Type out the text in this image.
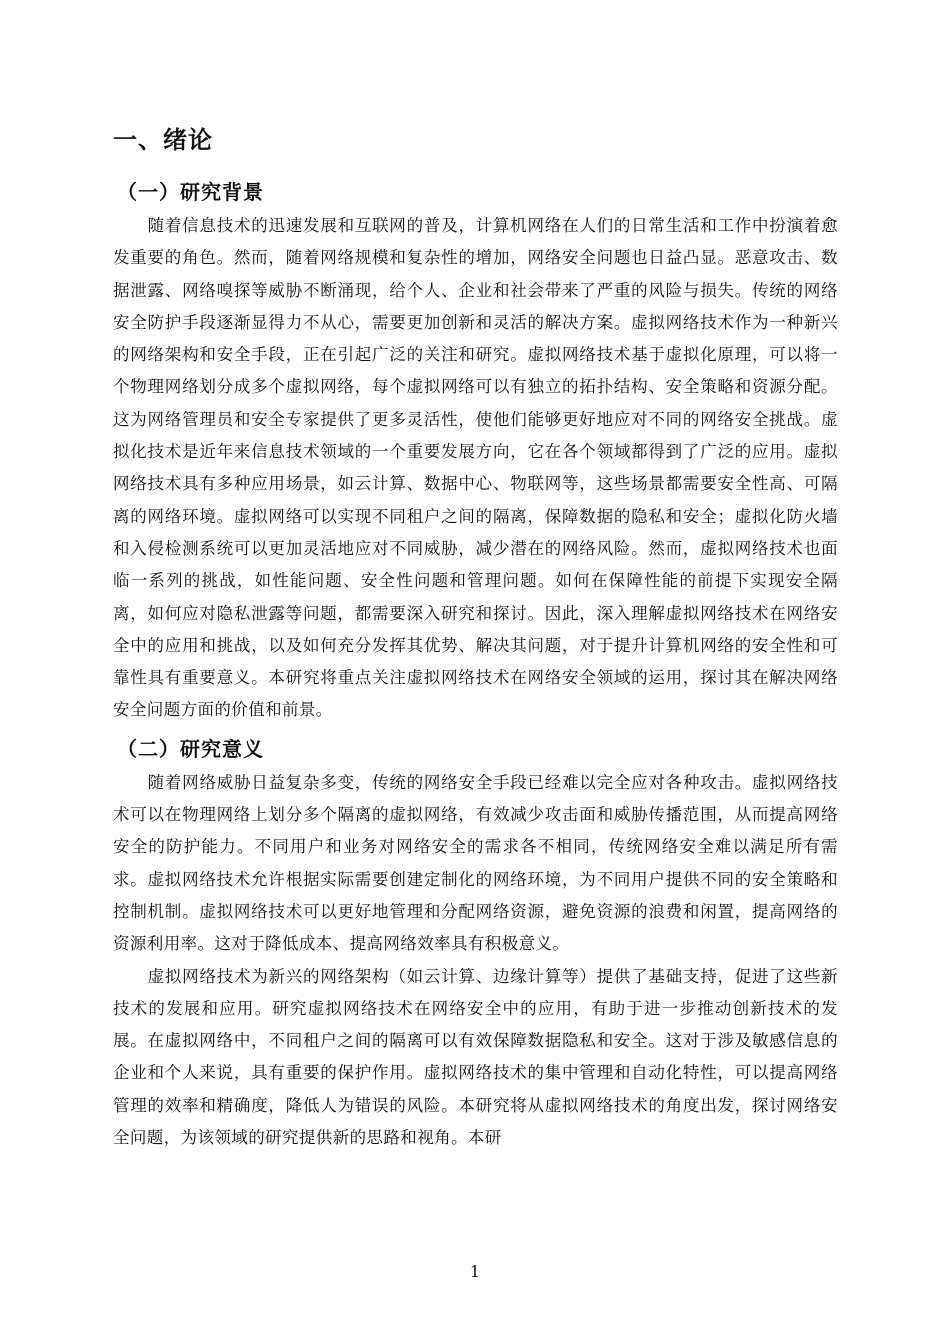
一、绪论
（一）研究背景

随着信息技术的迅速发展和互联网的普及，计算机网络在人们的日常生活和工作中扮演着愈发重要的角色。然而，随着网络规模和复杂性的增加，网络安全问题也日益凸显。恶意攻击、数据泄露、网络嗅探等威胁不断涌现，给个人、企业和社会带来了严重的风险与损失。传统的网络安全防护手段逐渐显得力不从心，需要更加创新和灵活的解决方案。虚拟网络技术作为一种新兴的网络架构和安全手段，正在引起广泛的关注和研究。虚拟网络技术基于虚拟化原理，可以将一个物理网络划分成多个虚拟网络，每个虚拟网络可以有独立的拓扑结构、安全策略和资源分配。这为网络管理员和安全专家提供了更多灵活性，使他们能够更好地应对不同的网络安全挑战。虚拟化技术是近年来信息技术领域的一个重要发展方向，它在各个领域都得到了广泛的应用。虚拟网络技术具有多种应用场景，如云计算、数据中心、物联网等，这些场景都需要安全性高、可隔离的网络环境。虚拟网络可以实现不同租户之间的隔离，保障数据的隐私和安全；虚拟化防火墙和入侵检测系统可以更加灵活地应对不同威胁，减少潜在的网络风险。然而，虚拟网络技术也面临一系列的挑战，如性能问题、安全性问题和管理问题。如何在保障性能的前提下实现安全隔离，如何应对隐私泄露等问题，都需要深入研究和探讨。因此，深入理解虚拟网络技术在网络安全中的应用和挑战，以及如何充分发挥其优势、解决其问题，对于提升计算机网络的安全性和可靠性具有重要意义。本研究将重点关注虚拟网络技术在网络安全领域的运用，探讨其在解决网络安全问题方面的价值和前景。

（二）研究意义

随着网络威胁日益复杂多变，传统的网络安全手段已经难以完全应对各种攻击。虚拟网络技术可以在物理网络上划分多个隔离的虚拟网络，有效减少攻击面和威胁传播范围，从而提高网络安全的防护能力。不同用户和业务对网络安全的需求各不相同，传统网络安全难以满足所有需求。虚拟网络技术允许根据实际需要创建定制化的网络环境，为不同用户提供不同的安全策略和控制机制。虚拟网络技术可以更好地管理和分配网络资源，避免资源的浪费和闲置，提高网络的资源利用率。这对于降低成本、提高网络效率具有积极意义。

虚拟网络技术为新兴的网络架构（如云计算、边缘计算等）提供了基础支持，促进了这些新技术的发展和应用。研究虚拟网络技术在网络安全中的应用，有助于进一步推动创新技术的发展。在虚拟网络中，不同租户之间的隔离可以有效保障数据隐私和安全。这对于涉及敏感信息的企业和个人来说，具有重要的保护作用。虚拟网络技术的集中管理和自动化特性，可以提高网络管理的效率和精确度，降低人为错误的风险。本研究将从虚拟网络技术的角度出发，探讨网络安全问题，为该领域的研究提供新的思路和视角。本研

1
